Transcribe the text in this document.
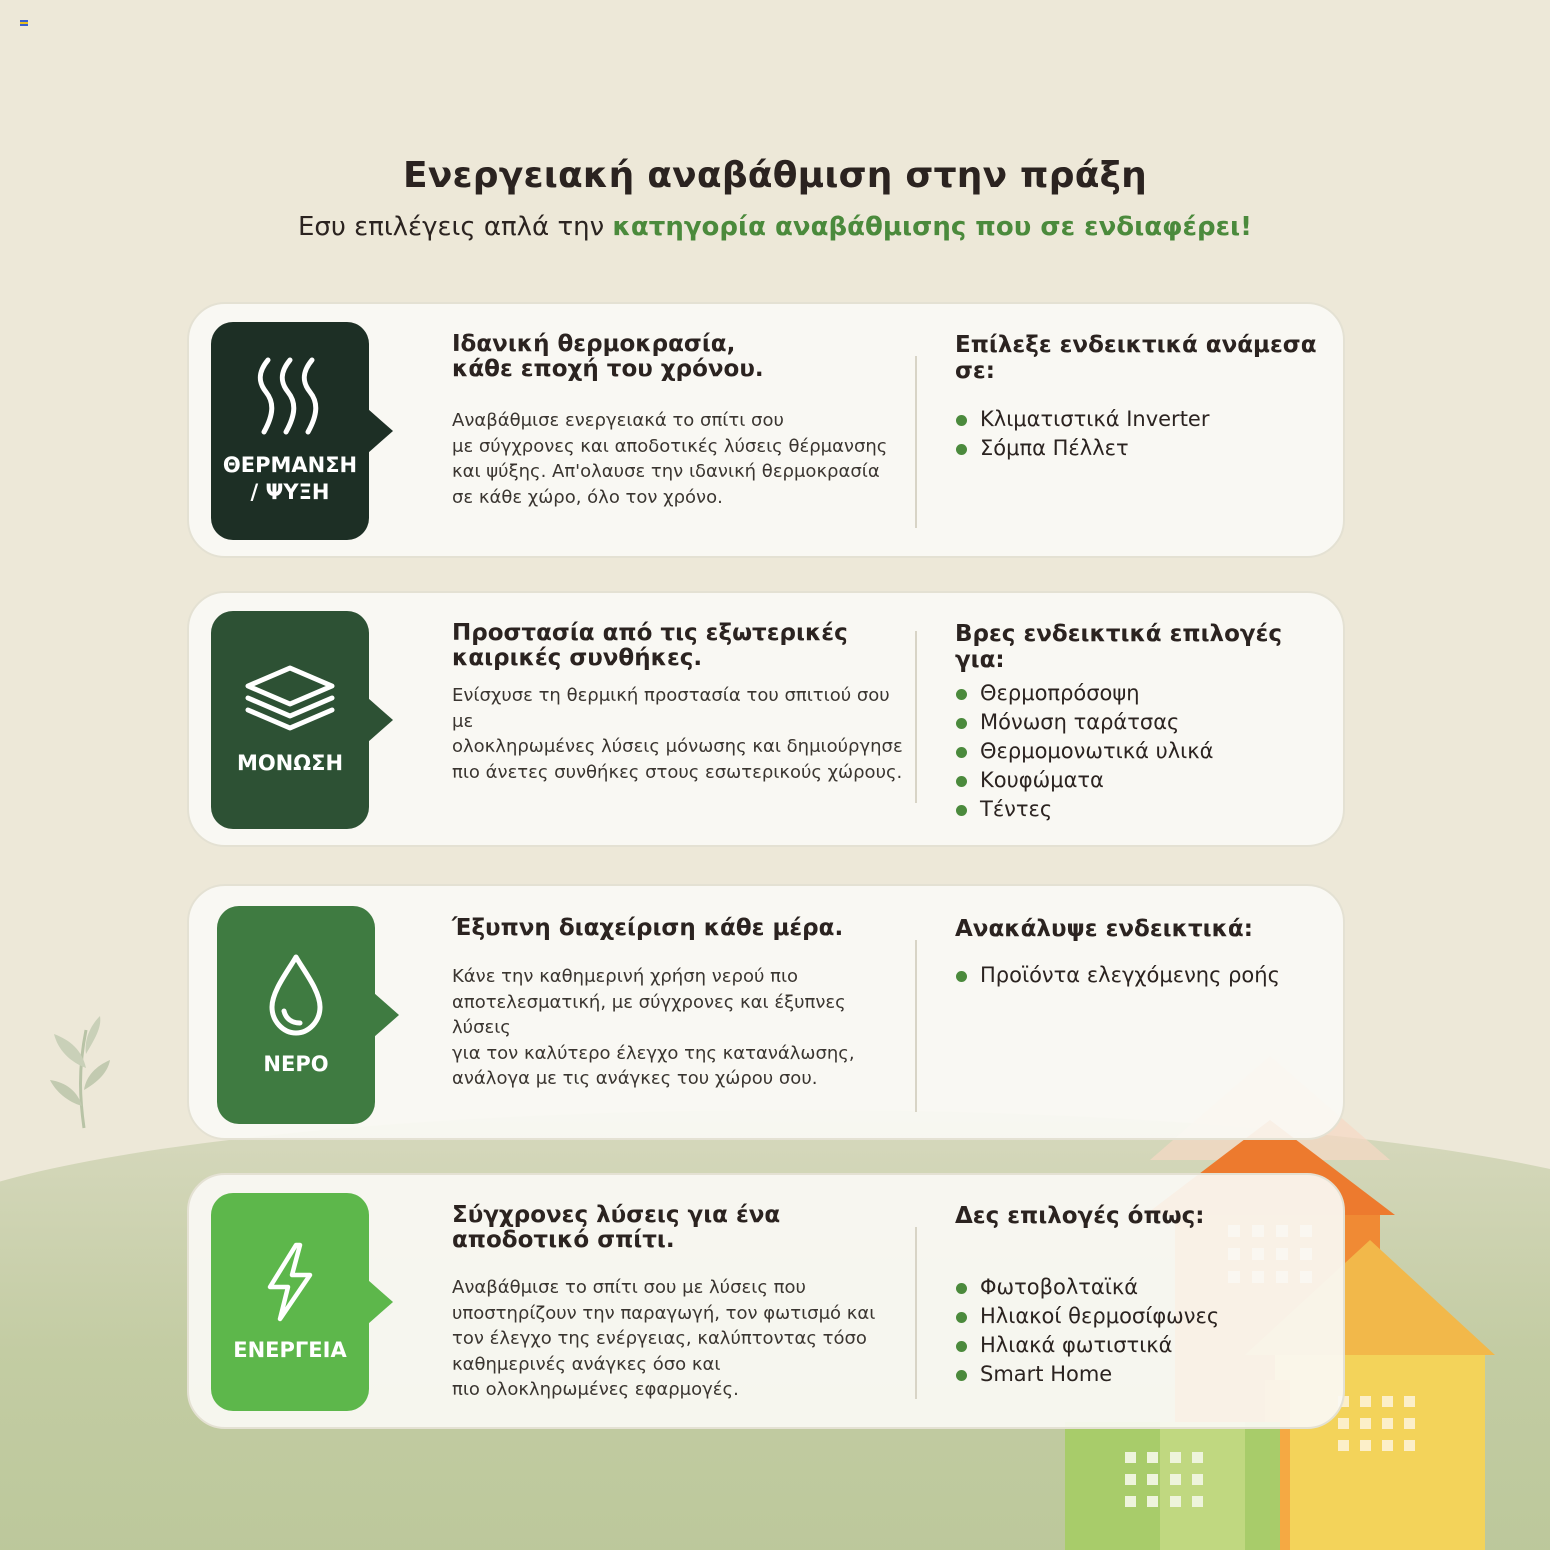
Ενεργειακή αναβάθμιση στην πράξη
Εσυ επιλέγεις απλά την κατηγορία αναβάθμισης που σε ενδιαφέρει!
ΘΕΡΜΑΝΣΗ
/ ΨΥΞΗ
Ιδανική θερμοκρασία,
κάθε εποχή του χρόνου.
Αναβάθμισε ενεργειακά το σπίτι σου
με σύγχρονες και αποδοτικές λύσεις θέρμανσης
και ψύξης. Απ'ολαυσε την ιδανική θερμοκρασία
σε κάθε χώρο, όλο τον χρόνο.
Επίλεξε ενδεικτικά ανάμεσα σε:
Κλιματιστικά Inverter
Σόμπα Πέλλετ
ΜΟΝΩΣΗ
Προστασία από τις εξωτερικές
καιρικές συνθήκες.
Ενίσχυσε τη θερμική προστασία του σπιτιού σου με
ολοκληρωμένες λύσεις μόνωσης και δημιούργησε
πιο άνετες συνθήκες στους εσωτερικούς χώρους.
Βρες ενδεικτικά επιλογές για:
Θερμοπρόσοψη
Μόνωση ταράτσας
Θερμομονωτικά υλικά
Κουφώματα
Τέντες
ΝΕΡΟ
Έξυπνη διαχείριση κάθε μέρα.
Κάνε την καθημερινή χρήση νερού πιο
αποτελεσματική, με σύγχρονες και έξυπνες λύσεις
για τον καλύτερο έλεγχο της κατανάλωσης,
ανάλογα με τις ανάγκες του χώρου σου.
Ανακάλυψε ενδεικτικά:
Προϊόντα ελεγχόμενης ροής
ΕΝΕΡΓΕΙΑ
Σύγχρονες λύσεις για ένα
αποδοτικό σπίτι.
Αναβάθμισε το σπίτι σου με λύσεις που
υποστηρίζουν την παραγωγή, τον φωτισμό και
τον έλεγχο της ενέργειας, καλύπτοντας τόσο
καθημερινές ανάγκες όσο και
πιο ολοκληρωμένες εφαρμογές.
Δες επιλογές όπως:
Φωτοβολταϊκά
Ηλιακοί θερμοσίφωνες
Ηλιακά φωτιστικά
Smart Home
